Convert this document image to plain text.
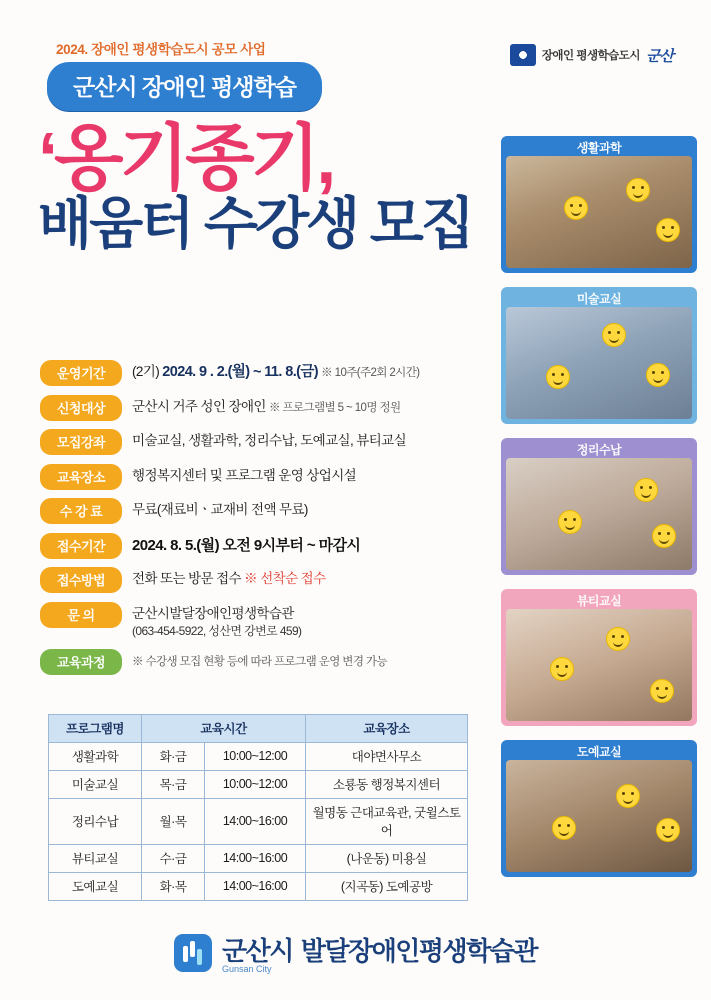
2024. 장애인 평생학습도시 공모 사업	장애인 평생학습도시 군산
군산시 장애인 평생학습
‘옹기종기,
배움터 수강생 모집
운영기간	(2기) 2024. 9 . 2.(월) ~ 11. 8.(금) ※ 10주(주2회 2시간)
신청대상	군산시 거주 성인 장애인 ※ 프로그램별 5 ~ 10명 정원
모집강좌	미술교실, 생활과학, 정리수납, 도예교실, 뷰티교실
교육장소	행정복지센터 및 프로그램 운영 상업시설
수 강 료	무료(재료비ㆍ교재비 전액 무료)
접수기간	2024. 8. 5.(월) 오전 9시부터 ~ 마감시
접수방법	전화 또는 방문 접수 ※ 선착순 접수
문 의	군산시발달장애인평생학습관
(063-454-5922, 성산면 강변로 459)
교육과정	※ 수강생 모집 현황 등에 따라 프로그램 운영 변경 가능
프로그램명	교육시간		교육장소
생활과학	화·금	10:00~12:00	대야면사무소
미술교실	목·금	10:00~12:00	소룡동 행정복지센터
정리수납	월·목	14:00~16:00	월명동 근대교육관, 굿윌스토어
뷰티교실	수·금	14:00~16:00	(나운동) 미용실
도예교실	화·목	14:00~16:00	(지곡동) 도예공방
생활과학
미술교실
정리수납
뷰티교실
도예교실
군산시
Gunsan City
발달장애인평생학습관
